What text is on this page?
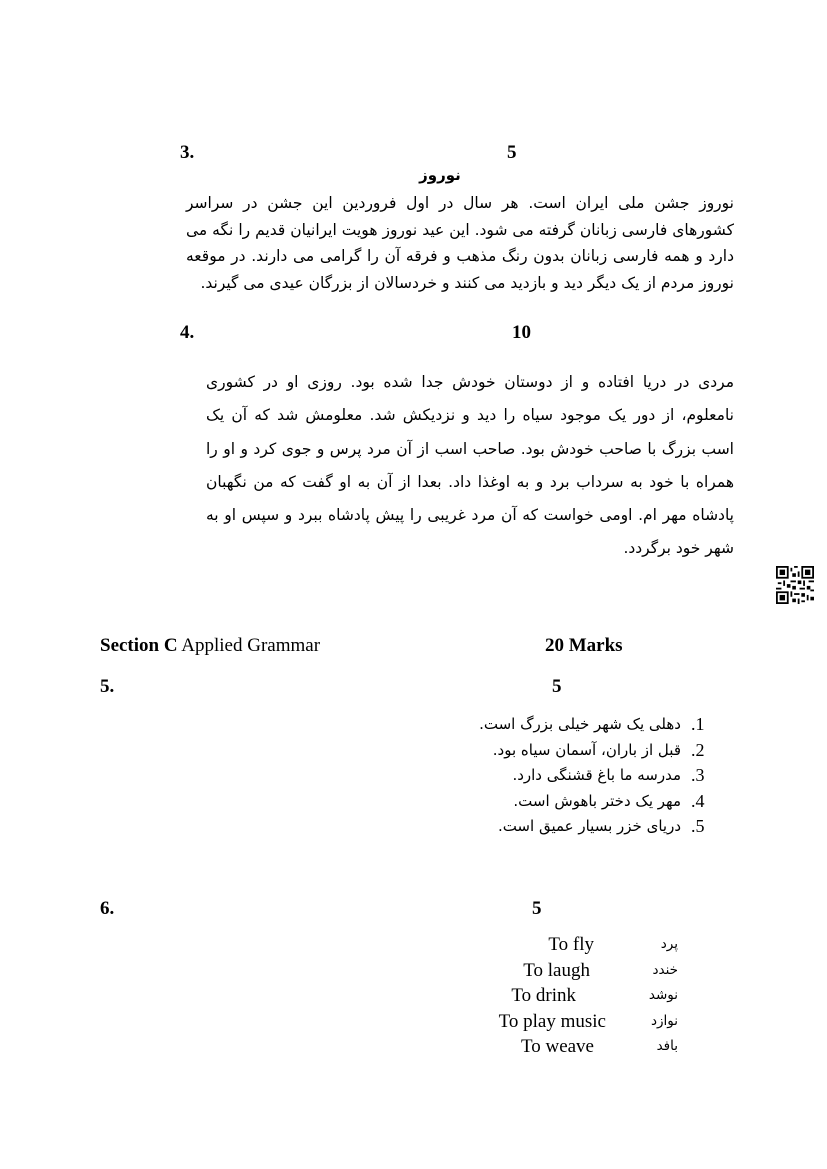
3.	5
نوروز
نوروز جشن ملی ایران است. هر سال در اول فروردین این جشن در سراسر کشورهای فارسی زبانان گرفته می شود. این عید نوروز هویت ایرانیان قدیم را نگه می دارد و همه فارسی زبانان بدون رنگ مذهب و فرقه آن را گرامی می دارند. در موقعه نوروز مردم از یک دیگر دید و بازدید می کنند و خردسالان از بزرگان عیدی می گیرند.
4.	10
مردی در دریا افتاده و از دوستان خودش جدا شده بود. روزی او در کشوری نامعلوم، از دور یک موجود سیاه را دید و نزدیکش شد. معلومش شد که آن یک اسب بزرگ با صاحب خودش بود. صاحب اسب از آن مرد پرس و جوی کرد و او را همراه با خود به سرداب برد و به اوغذا داد. بعدا از آن به او گفت که من نگهبان پادشاه مهر ام. اومی خواست که آن مرد غریبی را پیش پادشاه ببرد و سپس او به شهر خود برگردد.
Section C Applied Grammar	20 Marks
5.	5
دهلی یک شهر خیلی بزرگ است. .1
قبل از باران، آسمان سیاه بود. .2
مدرسه ما باغ قشنگی دارد. .3
مهر یک دختر باهوش است. .4
دریای خزر بسیار عمیق است. .5
6.	5
To fly	پرد
To laugh	خندد
To drink	نوشد
To play music	نوازد
To weave	بافد
